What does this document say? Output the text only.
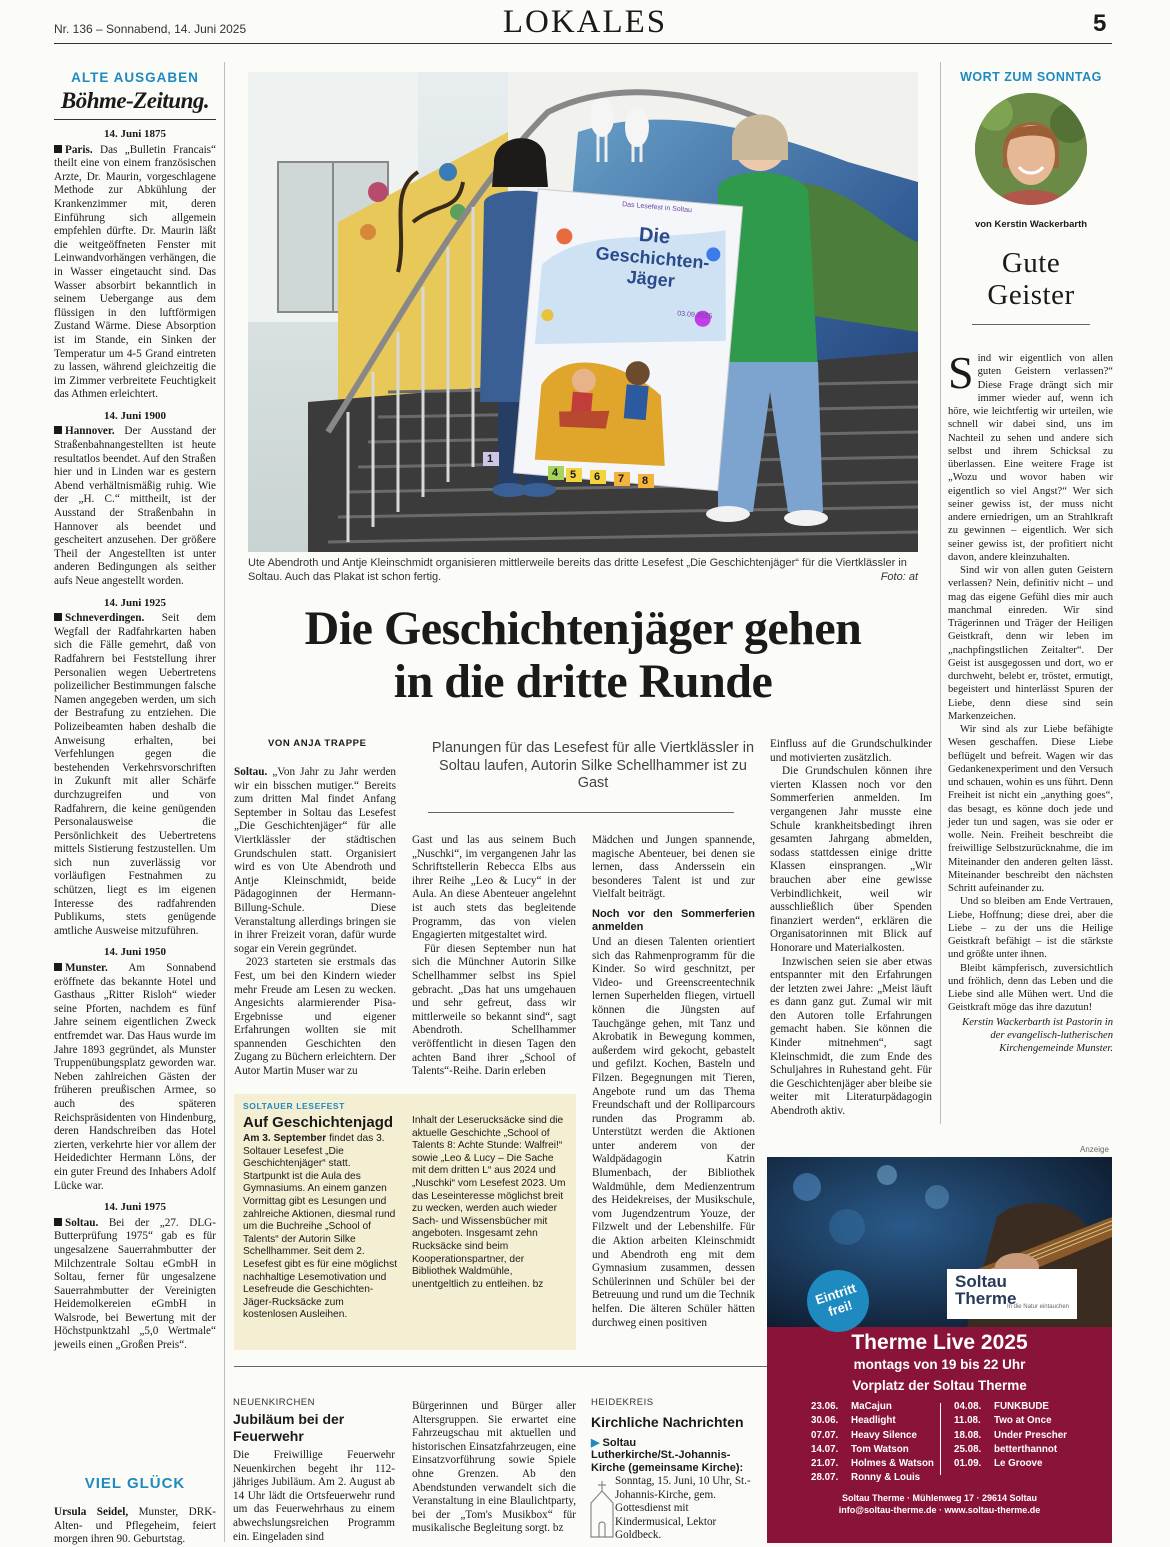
Nr. 136 – Sonnabend, 14. Juni 2025	LOKALES	5
ALTE AUSGABEN
Böhme-Zeitung.
14. Juni 1875

Paris. Das „Bulletin Francais“ theilt eine von einem französischen Arzte, Dr. Maurin, vorgeschlagene Methode zur Abkühlung der Krankenzimmer mit, deren Einführung sich allgemein empfehlen dürfte. Dr. Maurin läßt die weitgeöffneten Fenster mit Leinwandvorhängen verhängen, die in Wasser eingetaucht sind. Das Wasser absorbirt bekanntlich in seinem Uebergange aus dem flüssigen in den luftförmigen Zustand Wärme. Diese Absorption ist im Stande, ein Sinken der Temperatur um 4-5 Grand eintreten zu lassen, während gleichzeitig die im Zimmer verbreitete Feuchtigkeit das Athmen erleichtert.

14. Juni 1900

Hannover. Der Ausstand der Straßenbahnangestellten ist heute resultatlos beendet. Auf den Straßen hier und in Linden war es gestern Abend verhältnismäßig ruhig. Wie der „H. C.“ mittheilt, ist der Ausstand der Straßenbahn in Hannover als beendet und gescheitert anzusehen. Der größere Theil der Angestellten ist unter anderen Bedingungen als seither aufs Neue angestellt worden.

14. Juni 1925

Schneverdingen. Seit dem Wegfall der Radfahrkarten haben sich die Fälle gemehrt, daß von Radfahrern bei Feststellung ihrer Personalien wegen Uebertretens polizeilicher Bestimmungen falsche Namen angegeben werden, um sich der Bestrafung zu entziehen. Die Polizeibeamten haben deshalb die Anweisung erhalten, bei Verfehlungen gegen die bestehenden Verkehrsvorschriften in Zukunft mit aller Schärfe durchzugreifen und von Radfahrern, die keine genügenden Personalausweise die Persönlichkeit des Uebertretens mittels Sistierung festzustellen. Um sich nun zuverlässig vor vorläufigen Festnahmen zu schützen, liegt es im eigenen Interesse des radfahrenden Publikums, stets genügende amtliche Ausweise mitzuführen.

14. Juni 1950

Munster. Am Sonnabend eröffnete das bekannte Hotel und Gasthaus „Ritter Risloh“ wieder seine Pforten, nachdem es fünf Jahre seinem eigentlichen Zweck entfremdet war. Das Haus wurde im Jahre 1893 gegründet, als Munster Truppenübungsplatz geworden war. Neben zahlreichen Gästen der früheren preußischen Armee, so auch des späteren Reichspräsidenten von Hindenburg, deren Handschreiben das Hotel zierten, verkehrte hier vor allem der Heidedichter Hermann Löns, der ein guter Freund des Inhabers Adolf Lücke war.

14. Juni 1975

Soltau. Bei der „27. DLG-Butterprüfung 1975“ gab es für ungesalzene Sauerrahmbutter der Milchzentrale Soltau eGmbH in Soltau, ferner für ungesalzene Sauerrahmbutter der Vereinigten Heidemolkereien eGmbH in Walsrode, bei Bewertung mit der Höchstpunktzahl „5,0 Wertmale“ jeweils einen „Großen Preis“.

VIEL GLÜCK
Ursula Seidel, Munster, DRK-Alten- und Pflegeheim, feiert morgen ihren 90. Geburtstag.
Das Lesefest in Soltau
Die
Geschichten-
Jäger
03.09.2025
1
4 5 6 7 8
Ute Abendroth und Antje Kleinschmidt organisieren mittlerweile bereits das dritte Lesefest „Die Geschichtenjäger“ für die Viertklässler in Soltau. Auch das Plakat ist schon fertig.	Foto: at
Die Geschichtenjäger gehen
in die dritte Runde
VON ANJA TRAPPE	Planungen für das Lesefest für alle Viertklässler in Soltau laufen, Autorin Silke Schellhammer ist zu Gast

Soltau. „Von Jahr zu Jahr werden wir ein bisschen mutiger.“ Bereits zum dritten Mal findet Anfang September in Soltau das Lesefest „Die Geschichtenjäger“ für alle Viertklässler der städtischen Grundschulen statt. Organisiert wird es von Ute Abendroth und Antje Kleinschmidt, beide Pädagoginnen der Hermann-Billung-Schule. Diese Veranstaltung allerdings bringen sie in ihrer Freizeit voran, dafür wurde sogar ein Verein gegründet.

2023 starteten sie erstmals das Fest, um bei den Kindern wieder mehr Freude am Lesen zu wecken. Angesichts alarmierender Pisa-Ergebnisse und eigener Erfahrungen wollten sie mit spannenden Geschichten den Zugang zu Büchern erleichtern. Der Autor Martin Muser war zu

Gast und las aus seinem Buch „Nuschki“, im vergangenen Jahr las Schriftstellerin Rebecca Elbs aus ihrer Reihe „Leo & Lucy“ in der Aula. An diese Abenteuer angelehnt ist auch stets das begleitende Programm, das von vielen Engagierten mitgestaltet wird.

Für diesen September nun hat sich die Münchner Autorin Silke Schellhammer selbst ins Spiel gebracht. „Das hat uns umgehauen und sehr gefreut, dass wir mittlerweile so bekannt sind“, sagt Abendroth. Schellhammer veröffentlicht in diesen Tagen den achten Band ihrer „School of Talents“-Reihe. Darin erleben

Mädchen und Jungen spannende, magische Abenteuer, bei denen sie lernen, dass Anderssein ein besonderes Talent ist und zur Vielfalt beiträgt.

Noch vor den Sommerferien anmelden

Und an diesen Talenten orientiert sich das Rahmenprogramm für die Kinder. So wird geschnitzt, per Video- und Greenscreentechnik lernen Superhelden fliegen, virtuell können die Jüngsten auf Tauchgänge gehen, mit Tanz und Akrobatik in Bewegung kommen, außerdem wird gekocht, gebastelt und gefilzt. Kochen, Basteln und Filzen. Begegnungen mit Tieren, Angebote rund um das Thema Freundschaft und der Rolliparcours runden das Programm ab. Unterstützt werden die Aktionen unter anderem von der Waldpädagogin Katrin Blumenbach, der Bibliothek Waldmühle, dem Medienzentrum des Heidekreises, der Musikschule, vom Jugendzentrum Youze, der Filzwelt und der Lebenshilfe. Für die Aktion arbeiten Kleinschmidt und Abendroth eng mit dem Gymnasium zusammen, dessen Schülerinnen und Schüler bei der Betreuung und rund um die Technik helfen. Die älteren Schüler hätten durchweg einen positiven

Einfluss auf die Grundschulkinder und motivierten zusätzlich.

Die Grundschulen können ihre vierten Klassen noch vor den Sommerferien anmelden. Im vergangenen Jahr musste eine Schule krankheitsbedingt ihren gesamten Jahrgang abmelden, sodass stattdessen einige dritte Klassen einsprangen. „Wir brauchen aber eine gewisse Verbindlichkeit, weil wir ausschließlich über Spenden finanziert werden“, erklären die Organisatorinnen mit Blick auf Honorare und Materialkosten.

Inzwischen seien sie aber etwas entspannter mit den Erfahrungen der letzten zwei Jahre: „Meist läuft es dann ganz gut. Zumal wir mit den Autoren tolle Erfahrungen gemacht haben. Sie können die Kinder mitnehmen“, sagt Kleinschmidt, die zum Ende des Schuljahres in Ruhestand geht. Für die Geschichtenjäger aber bleibe sie weiter mit Literaturpädagogin Abendroth aktiv.

SOLTAUER LESEFEST
Auf Geschichtenjagd
Am 3. September findet das 3. Soltauer Lesefest „Die Geschichtenjäger“ statt. Startpunkt ist die Aula des Gymnasiums. An einem ganzen Vormittag gibt es Lesungen und zahlreiche Aktionen, diesmal rund um die Buchreihe „School of Talents“ der Autorin Silke Schellhammer. Seit dem 2. Lesefest gibt es für eine möglichst nachhaltige Lesemotivation und Lesefreude die Geschichten-Jäger-Rucksäcke zum kostenlosen Ausleihen.
Inhalt der Leserucksäcke sind die aktuelle Geschichte „School of Talents 8: Achte Stunde: Walfrei!“ sowie „Leo & Lucy – Die Sache mit dem dritten L“ aus 2024 und „Nuschki“ vom Lesefest 2023. Um das Leseinteresse möglichst breit zu wecken, werden auch wieder Sach- und Wissensbücher mit angeboten. Insgesamt zehn Rucksäcke sind beim Kooperationspartner, der Bibliothek Waldmühle, unentgeltlich zu entleihen. bz
NEUENKIRCHEN
Jubiläum bei der Feuerwehr
Die Freiwillige Feuerwehr Neuenkirchen begeht ihr 112-jähriges Jubiläum. Am 2. August ab 14 Uhr lädt die Ortsfeuerwehr rund um das Feuerwehrhaus zu einem abwechslungsreichen Programm ein. Eingeladen sind
Bürgerinnen und Bürger aller Altersgruppen. Sie erwartet eine Fahrzeugschau mit aktuellen und historischen Einsatzfahrzeugen, eine Einsatzvorführung sowie Spiele ohne Grenzen. Ab den Abendstunden verwandelt sich die Veranstaltung in eine Blaulichtparty, bei der „Tom's Musikbox“ für musikalische Begleitung sorgt. bz
HEIDEKREIS
Kirchliche Nachrichten
▶ Soltau
Lutherkirche/St.-Johannis-Kirche (gemeinsame Kirche):
Sonntag, 15. Juni, 10 Uhr, St.-Johannis-Kirche, gem. Gottesdienst mit Kindermusical, Lektor Goldbeck.
WORT ZUM SONNTAG
von Kerstin Wackerbarth
Gute
Geister

Sind wir eigentlich von allen guten Geistern verlassen?“ Diese Frage drängt sich mir immer wieder auf, wenn ich höre, wie leichtfertig wir urteilen, wie schnell wir dabei sind, uns im Nachteil zu sehen und andere sich selbst und ihrem Schicksal zu überlassen. Eine weitere Frage ist „Wozu und wovor haben wir eigentlich so viel Angst?“ Wer sich seiner gewiss ist, der muss nicht andere erniedrigen, um an Strahlkraft zu gewinnen – eigentlich. Wer sich seiner gewiss ist, der profitiert nicht davon, andere kleinzuhalten.

Sind wir von allen guten Geistern verlassen? Nein, definitiv nicht – und mag das eigene Gefühl dies mir auch manchmal einreden. Wir sind Trägerinnen und Träger der Heiligen Geistkraft, denn wir leben im „nachpfingstlichen Zeitalter“. Der Geist ist ausgegossen und dort, wo er durchweht, belebt er, tröstet, ermutigt, begeistert und hinterlässt Spuren der Liebe, denn diese sind sein Markenzeichen.

Wir sind als zur Liebe befähigte Wesen geschaffen. Diese Liebe beflügelt und befreit. Wagen wir das Gedankenexperiment und den Versuch und schauen, wohin es uns führt. Denn Freiheit ist nicht ein „anything goes“, das besagt, es könne doch jede und jeder tun und sagen, was sie oder er wolle. Nein. Freiheit beschreibt die freiwillige Selbstzurücknahme, die im Miteinander den anderen gelten lässt. Miteinander beschreibt den nächsten Schritt aufeinander zu.

Und so bleiben am Ende Vertrauen, Liebe, Hoffnung; diese drei, aber die Liebe – zu der uns die Heilige Geistkraft befähigt – ist die stärkste und größte unter ihnen.

Bleibt kämpferisch, zuversichtlich und fröhlich, denn das Leben und die Liebe sind alle Mühen wert. Und die Geistkraft möge das ihre dazutun!

Kerstin Wackerbarth ist Pastorin in der evangelisch-lutherischen Kirchengemeinde Munster.

Anzeige
Eintritt frei!
Soltau
Therme
In die Natur eintauchen
Therme Live 2025
montags von 19 bis 22 Uhr
Vorplatz der Soltau Therme
23.06.	MaCajun
30.06.	Headlight
07.07.	Heavy Silence
14.07.	Tom Watson
21.07.	Holmes & Watson
28.07.	Ronny & Louis
04.08.	FUNKBUDE
11.08.	Two at Once
18.08.	Under Prescher
25.08.	betterthannot
01.09.	Le Groove
Soltau Therme · Mühlenweg 17 · 29614 Soltau
info@soltau-therme.de · www.soltau-therme.de
